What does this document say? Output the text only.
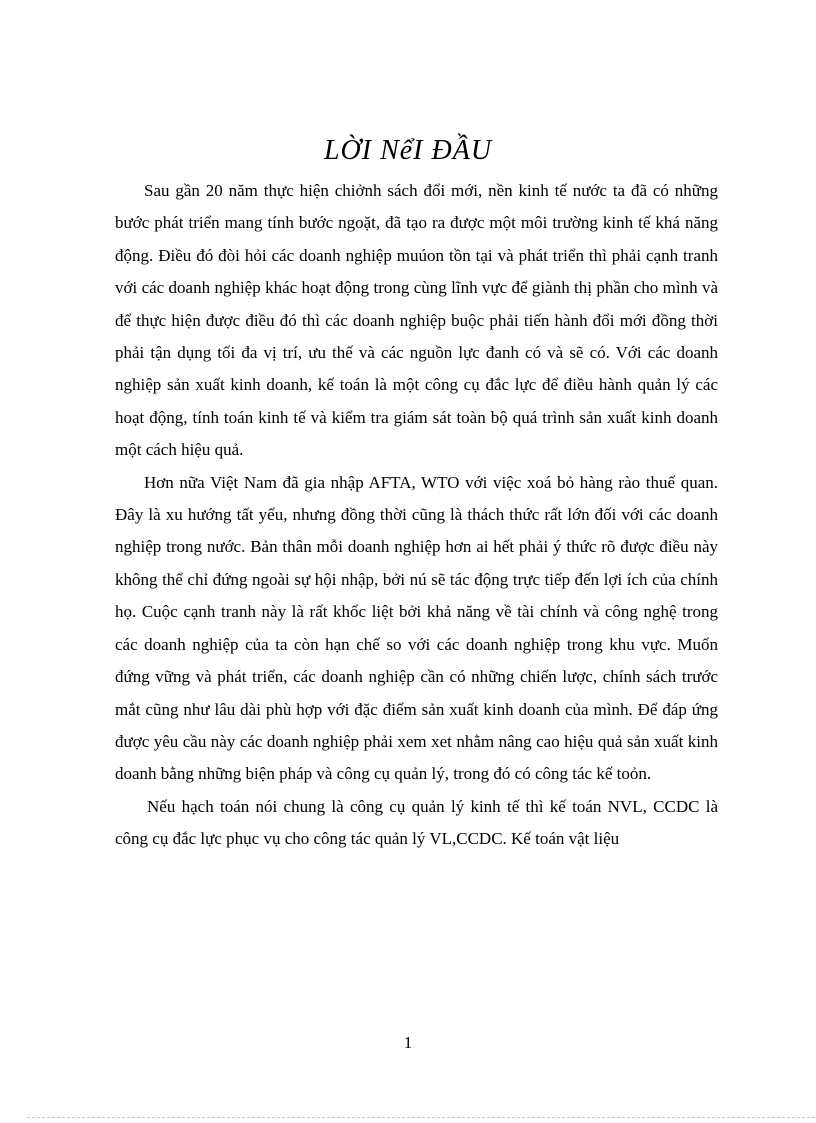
LỜI NểI ĐẦU

Sau gần 20 năm thực hiện chiởnh sách đổi mới, nền kinh tế nước ta đã có những bước phát triển mang tính bước ngoặt, đã tạo ra được một môi trường kinh tế khá năng động. Điều đó đòi hỏi các doanh nghiệp muúon tồn tại và phát triển thì phải cạnh tranh với các doanh nghiệp khác hoạt động trong cùng lĩnh vực để giành thị phần cho mình và để thực hiện được điều đó thì các doanh nghiệp buộc phải tiến hành đổi mới đồng thời phải tận dụng tối đa vị trí, ưu thế và các nguồn lực đanh có và sẽ có. Với các doanh nghiệp sản xuất kinh doanh, kế toán là một công cụ đắc lực để điều hành quản lý các hoạt động, tính toán kinh tế và kiểm tra giám sát toàn bộ quá trình sản xuất kinh doanh một cách hiệu quả.

Hơn nữa Việt Nam đã gia nhập AFTA, WTO với việc xoá bỏ hàng rào thuế quan. Đây là xu hướng tất yếu, nhưng đồng thời cũng là thách thức rất lớn đối với các doanh nghiệp trong nước. Bản thân mỗi doanh nghiệp hơn ai hết phải ý thức rõ được điều này không thể chỉ đứng ngoài sự hội nhập, bởi nú sẽ tác động trực tiếp đến lợi ích của chính họ. Cuộc cạnh tranh này là rất khốc liệt bởi khả năng về tài chính và công nghệ trong các doanh nghiệp của ta còn hạn chế so với các doanh nghiệp trong khu vực. Muốn đứng vững và phát triển, các doanh nghiệp cần có những chiến lược, chính sách trước mắt cũng như lâu dài phù hợp với đặc điểm sản xuất kinh doanh của mình. Để đáp ứng được yêu cầu này các doanh nghiệp phải xem xet nhằm nâng cao hiệu quả sản xuất kinh doanh bằng những biện pháp và công cụ quản lý, trong đó có công tác kế toỏn.

Nếu hạch toán nói chung là công cụ quản lý kinh tế thì kế toán NVL, CCDC là công cụ đắc lực phục vụ cho công tác quản lý VL,CCDC. Kế toán vật liệu

1
